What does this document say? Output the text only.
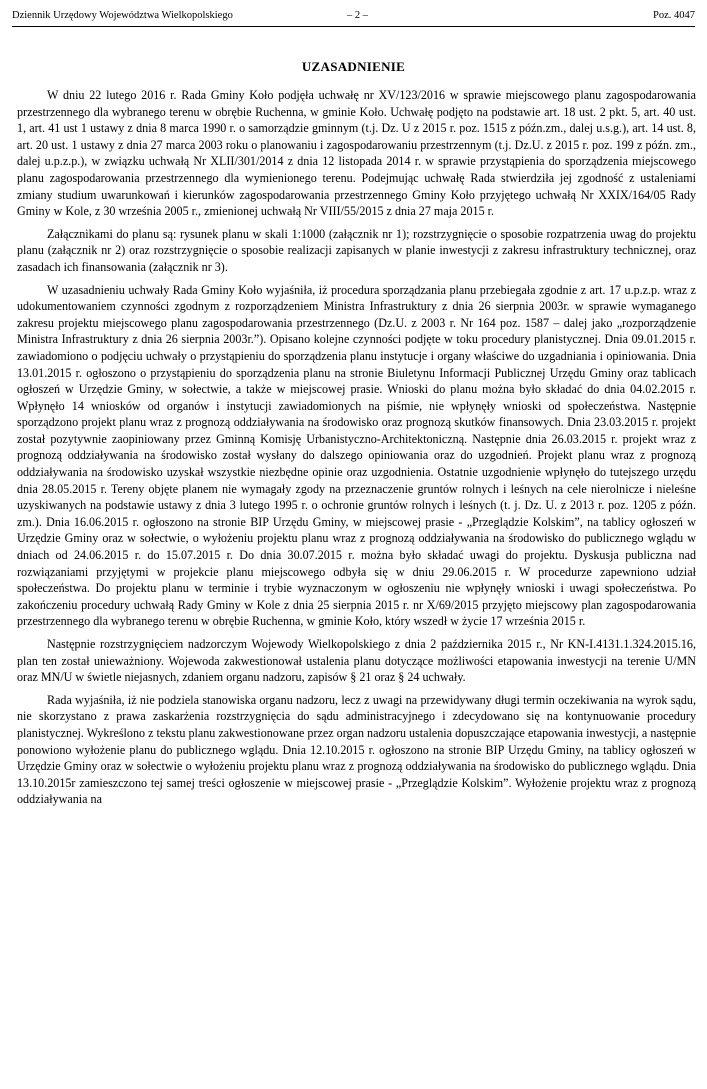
Dziennik Urzędowy Województwa Wielkopolskiego	– 2 –	Poz. 4047
UZASADNIENIE

W dniu 22 lutego 2016 r. Rada Gminy Koło podjęła uchwałę nr XV/123/2016 w sprawie miejscowego planu zagospodarowania przestrzennego dla wybranego terenu w obrębie Ruchenna, w gminie Koło. Uchwałę podjęto na podstawie art. 18 ust. 2 pkt. 5, art. 40 ust. 1, art. 41 ust 1 ustawy z dnia 8 marca 1990 r. o samorządzie gminnym (t.j. Dz. U z 2015 r. poz. 1515 z późn.zm., dalej u.s.g.), art. 14 ust. 8, art. 20 ust. 1 ustawy z dnia 27 marca 2003 roku o planowaniu i zagospodarowaniu przestrzennym (t.j. Dz.U. z 2015 r. poz. 199 z późn. zm., dalej u.p.z.p.), w związku uchwałą Nr XLII/301/2014 z dnia 12 listopada 2014 r. w sprawie przystąpienia do sporządzenia miejscowego planu zagospodarowania przestrzennego dla wymienionego terenu. Podejmując uchwałę Rada stwierdziła jej zgodność z ustaleniami zmiany studium uwarunkowań i kierunków zagospodarowania przestrzennego Gminy Koło przyjętego uchwałą Nr XXIX/164/05 Rady Gminy w Kole, z 30 września 2005 r., zmienionej uchwałą Nr VIII/55/2015 z dnia 27 maja 2015 r.

Załącznikami do planu są: rysunek planu w skali 1:1000 (załącznik nr 1); rozstrzygnięcie o sposobie rozpatrzenia uwag do projektu planu (załącznik nr 2) oraz rozstrzygnięcie o sposobie realizacji zapisanych w planie inwestycji z zakresu infrastruktury technicznej, oraz zasadach ich finansowania (załącznik nr 3).

W uzasadnieniu uchwały Rada Gminy Koło wyjaśniła, iż procedura sporządzania planu przebiegała zgodnie z art. 17 u.p.z.p. wraz z udokumentowaniem czynności zgodnym z rozporządzeniem Ministra Infrastruktury z dnia 26 sierpnia 2003r. w sprawie wymaganego zakresu projektu miejscowego planu zagospodarowania przestrzennego (Dz.U. z 2003 r. Nr 164 poz. 1587 – dalej jako „rozporządzenie Ministra Infrastruktury z dnia 26 sierpnia 2003r.”). Opisano kolejne czynności podjęte w toku procedury planistycznej. Dnia 09.01.2015 r. zawiadomiono o podjęciu uchwały o przystąpieniu do sporządzenia planu instytucje i organy właściwe do uzgadniania i opiniowania. Dnia 13.01.2015 r. ogłoszono o przystąpieniu do sporządzenia planu na stronie Biuletynu Informacji Publicznej Urzędu Gminy oraz tablicach ogłoszeń w Urzędzie Gminy, w sołectwie, a także w miejscowej prasie. Wnioski do planu można było składać do dnia 04.02.2015 r. Wpłynęło 14 wniosków od organów i instytucji zawiadomionych na piśmie, nie wpłynęły wnioski od społeczeństwa. Następnie sporządzono projekt planu wraz z prognozą oddziaływania na środowisko oraz prognozą skutków finansowych. Dnia 23.03.2015 r. projekt został pozytywnie zaopiniowany przez Gminną Komisję Urbanistyczno-Architektoniczną. Następnie dnia 26.03.2015 r. projekt wraz z prognozą oddziaływania na środowisko został wysłany do dalszego opiniowania oraz do uzgodnień. Projekt planu wraz z prognozą oddziaływania na środowisko uzyskał wszystkie niezbędne opinie oraz uzgodnienia. Ostatnie uzgodnienie wpłynęło do tutejszego urzędu dnia 28.05.2015 r. Tereny objęte planem nie wymagały zgody na przeznaczenie gruntów rolnych i leśnych na cele nierolnicze i nieleśne uzyskiwanych na podstawie ustawy z dnia 3 lutego 1995 r. o ochronie gruntów rolnych i leśnych (t. j. Dz. U. z 2013 r. poz. 1205 z późn. zm.). Dnia 16.06.2015 r. ogłoszono na stronie BIP Urzędu Gminy, w miejscowej prasie - „Przeglądzie Kolskim”, na tablicy ogłoszeń w Urzędzie Gminy oraz w sołectwie, o wyłożeniu projektu planu wraz z prognozą oddziaływania na środowisko do publicznego wglądu w dniach od 24.06.2015 r. do 15.07.2015 r. Do dnia 30.07.2015 r. można było składać uwagi do projektu. Dyskusja publiczna nad rozwiązaniami przyjętymi w projekcie planu miejscowego odbyła się w dniu 29.06.2015 r. W procedurze zapewniono udział społeczeństwa. Do projektu planu w terminie i trybie wyznaczonym w ogłoszeniu nie wpłynęły wnioski i uwagi społeczeństwa. Po zakończeniu procedury uchwałą Rady Gminy w Kole z dnia 25 sierpnia 2015 r. nr X/69/2015 przyjęto miejscowy plan zagospodarowania przestrzennego dla wybranego terenu w obrębie Ruchenna, w gminie Koło, który wszedł w życie 17 września 2015 r.

Następnie rozstrzygnięciem nadzorczym Wojewody Wielkopolskiego z dnia 2 października 2015 r., Nr KN-I.4131.1.324.2015.16, plan ten został unieważniony. Wojewoda zakwestionował ustalenia planu dotyczące możliwości etapowania inwestycji na terenie U/MN oraz MN/U w świetle niejasnych, zdaniem organu nadzoru, zapisów § 21 oraz § 24 uchwały.

Rada wyjaśniła, iż nie podziela stanowiska organu nadzoru, lecz z uwagi na przewidywany długi termin oczekiwania na wyrok sądu, nie skorzystano z prawa zaskarżenia rozstrzygnięcia do sądu administracyjnego i zdecydowano się na kontynuowanie procedury planistycznej. Wykreślono z tekstu planu zakwestionowane przez organ nadzoru ustalenia dopuszczające etapowania inwestycji, a następnie ponowiono wyłożenie planu do publicznego wglądu. Dnia 12.10.2015 r. ogłoszono na stronie BIP Urzędu Gminy, na tablicy ogłoszeń w Urzędzie Gminy oraz w sołectwie o wyłożeniu projektu planu wraz z prognozą oddziaływania na środowisko do publicznego wglądu. Dnia 13.10.2015r zamieszczono tej samej treści ogłoszenie w miejscowej prasie - „Przeglądzie Kolskim”. Wyłożenie projektu wraz z prognozą oddziaływania na
